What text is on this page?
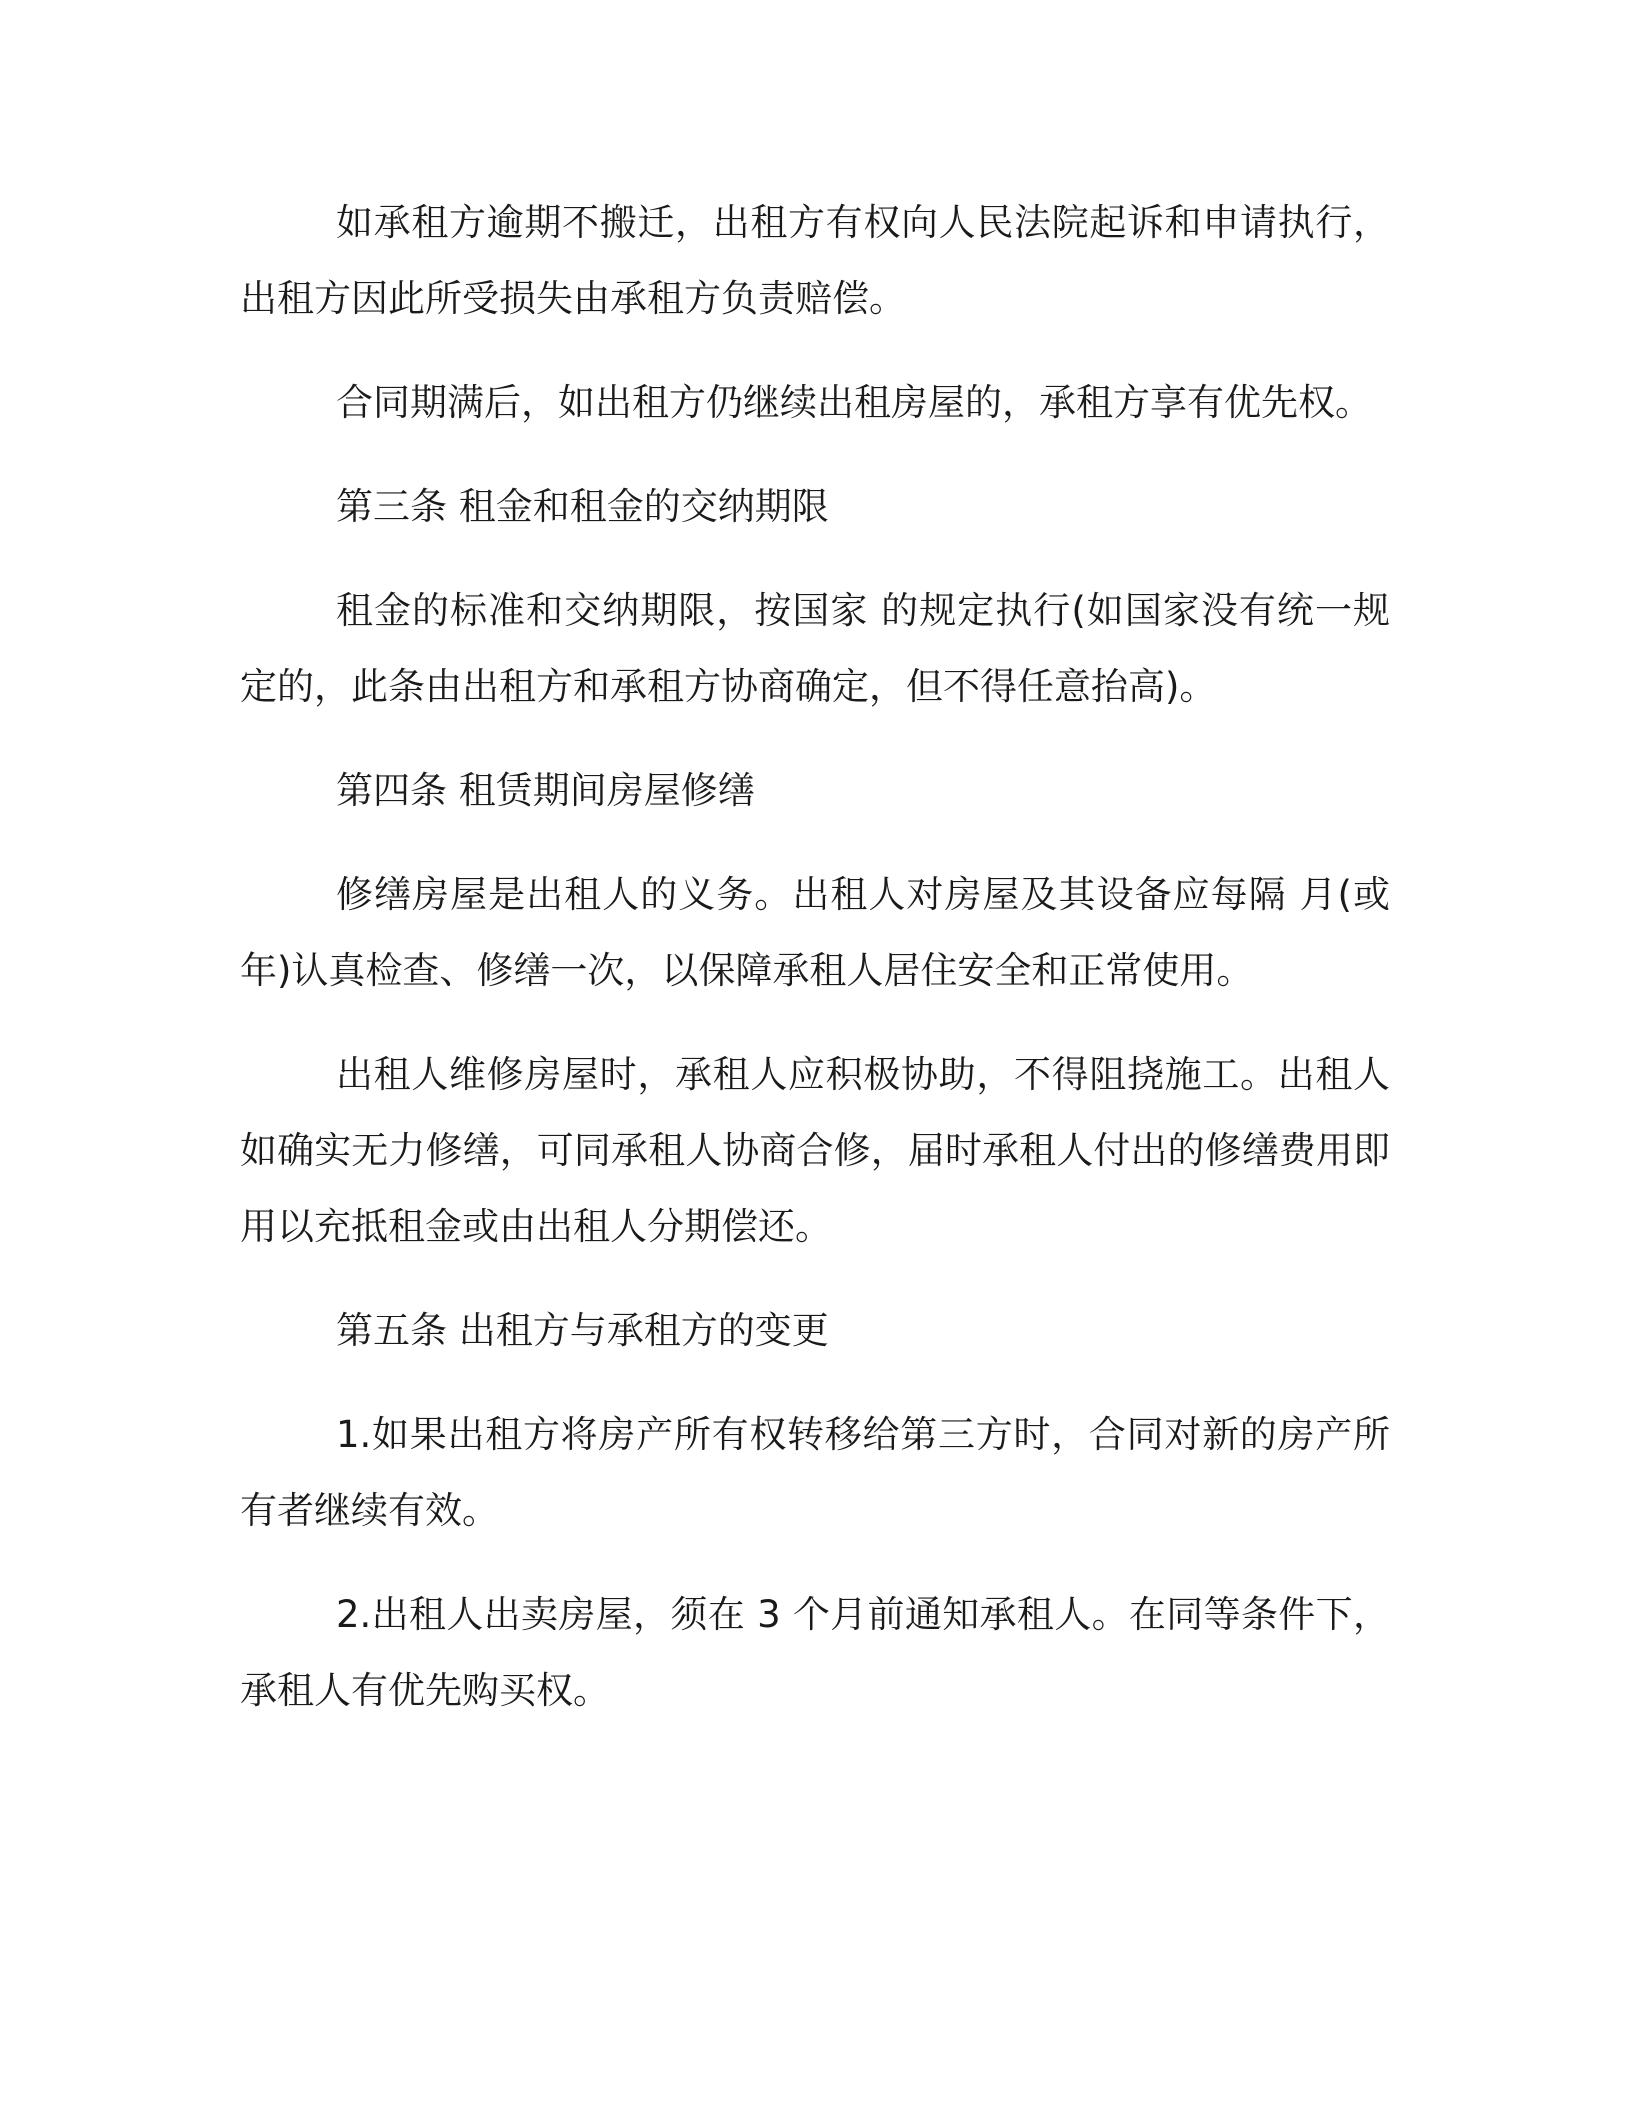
如承租方逾期不搬迁，出租方有权向人民法院起诉和申请执行，出租方因此所受损失由承租方负责赔偿。

合同期满后，如出租方仍继续出租房屋的，承租方享有优先权。

第三条 租金和租金的交纳期限

租金的标准和交纳期限，按国家 的规定执行(如国家没有统一规定的，此条由出租方和承租方协商确定，但不得任意抬高)。

第四条 租赁期间房屋修缮

修缮房屋是出租人的义务。出租人对房屋及其设备应每隔 月(或年)认真检查、修缮一次，以保障承租人居住安全和正常使用。

出租人维修房屋时，承租人应积极协助，不得阻挠施工。出租人如确实无力修缮，可同承租人协商合修，届时承租人付出的修缮费用即用以充抵租金或由出租人分期偿还。

第五条 出租方与承租方的变更

1.如果出租方将房产所有权转移给第三方时，合同对新的房产所有者继续有效。

2.出租人出卖房屋，须在 3 个月前通知承租人。在同等条件下，承租人有优先购买权。
